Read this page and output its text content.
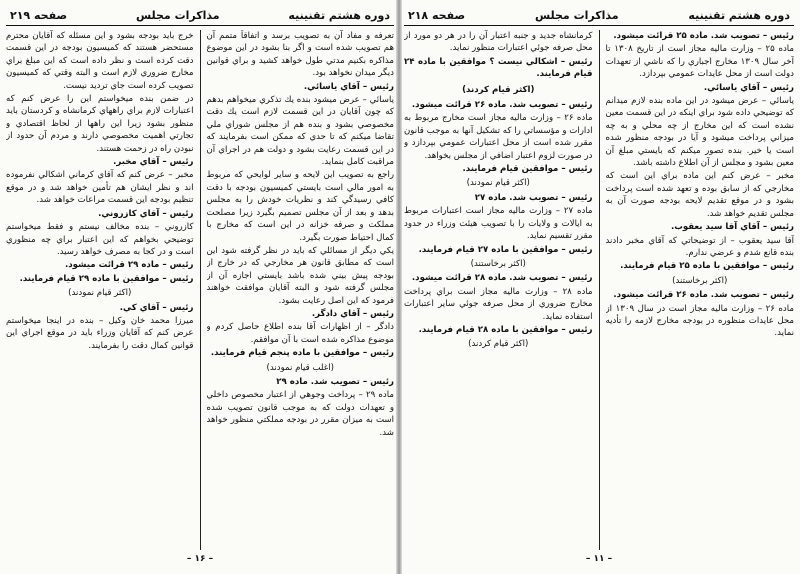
دوره هشتم تقنينيه
مذاكرات مجلس
صفحه ۲۱۹

تعرفه و مفاد آن به تصويب برسد و اتفاقاً متمم آن هم تصويب شده است و اگر بنا بشود در اين موضوع مذاكره بكنيم مدتي طول خواهد كشيد و براي قوانين ديگر ميدان نخواهد بود.

رئيس – آقاي ياسائي.

ياسائي – عرض ميشود بنده يك تذكري ميخواهم بدهم كه چون آقايان در اين قسمت لازم است يك دقت مخصوصي بشود و بنده هم از مجلس شوراي ملي تقاضا ميكنم كه تا حدي كه ممكن است بفرمايند كه در اين قسمت رعايت بشود و دولت هم در اجراي آن مراقبت كامل بنمايد.

راجع به تصويب اين لايحه و ساير لوايحي كه مربوط به امور مالي است بايستي كميسيون بودجه با دقت كافي رسيدگي كند و نظريات خودش را به مجلس بدهد و بعد از آن مجلس تصميم بگيرد زيرا مصلحت مملكت و صرفه خزانه در اين است كه مخارج با كمال احتياط صورت بگيرد.

يكي ديگر از مسائلي كه بايد در نظر گرفته شود اين است كه مطابق قانون هر مخارجي كه در خارج از بودجه پيش بيني شده باشد بايستي اجازه آن از مجلس گرفته شود و البته آقايان موافقت خواهند فرمود كه اين اصل رعايت بشود.

رئيس – آقاي دادگر.

دادگر – از اظهارات آقا بنده اطلاع حاصل كردم و موضوع مذاكره شده است با آن موافقم.

رئيس – موافقين با ماده پنجم قيام فرمايند.

(اغلب قيام نمودند)

رئيس – تصويب شد. ماده ۲۹

ماده ۲۹ – پرداخت وجوهي از اعتبار مخصوص داخلي و تعهدات دولت كه به موجب قانون تصويب شده است به ميزان مقرر در بودجه مملكتي منظور خواهد شد.

خرج بايد بودجه بشود و اين مسئله كه آقايان محترم مستحضر هستند كه كميسيون بودجه در اين قسمت دقت كرده است و نظر داده است كه اين مبلغ براي مخارج ضروري لازم است و البته وقتي كه كميسيون تصويب كرده است جاي ترديد نيست.

در ضمن بنده ميخواستم اين را عرض كنم كه اعتبارات لازم براي راههاي كرمانشاه و كردستان بايد منظور بشود زيرا اين راهها از لحاظ اقتصادي و تجارتي اهميت مخصوصي دارند و مردم آن حدود از نبودن راه در زحمت هستند.

رئيس – آقاي مخبر.

مخبر – عرض كنم كه آقاي كرماني اشكالي نفرموده اند و نظر ايشان هم تأمين خواهد شد و در موقع تنظيم بودجه اين قسمت مراعات خواهد شد.

رئيس – آقاي كازروني.

كازروني – بنده مخالف نيستم و فقط ميخواستم توضيحي بخواهم كه اين اعتبار براي چه منظوري است و در كجا به مصرف خواهد رسيد.

رئيس – ماده ۲۹ قرائت ميشود.

رئيس – موافقين با ماده ۲۹ قيام فرمايند.

(اكثر قيام نمودند)

رئيس – آقاي كي.

ميرزا محمد خان وكيل – بنده در اينجا ميخواستم عرض كنم كه آقايان وزراء بايد در موقع اجراي اين قوانين كمال دقت را بفرمايند.

– ۱۶ –
دوره هشتم تقنينيه
مذاكرات مجلس
صفحه ۲۱۸

رئيس – تصويب شد. ماده ۲۵ قرائت ميشود.

ماده ۲۵ – وزارت ماليه مجاز است از تاريخ ۱۳۰۸ تا آخر سال ۱۳۰۹ مخارج اجباري را كه ناشي از تعهدات دولت است از محل عايدات عمومي بپردازد.

رئيس – آقاي ياسائي.

ياسائي – عرض ميشود در اين ماده بنده لازم ميدانم كه توضيحي داده شود براي اينكه در اين قسمت معين نشده است كه اين مخارج از چه محلي و به چه ميزاني پرداخت ميشود و آيا در بودجه منظور شده است يا خير. بنده تصور ميكنم كه بايستي مبلغ آن معين بشود و مجلس از آن اطلاع داشته باشد.

مخبر – عرض كنم اين ماده براي اين است كه مخارجي كه از سابق بوده و تعهد شده است پرداخت بشود و در موقع تقديم لايحه بودجه صورت آن به مجلس تقديم خواهد شد.

رئيس – آقاي آقا سيد يعقوب.

آقا سيد يعقوب – از توضيحاتي كه آقاي مخبر دادند بنده قانع شدم و عرضي ندارم.

رئيس – موافقين با ماده ۲۵ قيام فرمايند.

(اكثر برخاستند)

رئيس – تصويب شد. ماده ۲۶ قرائت ميشود.

ماده ۲۶ – وزارت ماليه مجاز است در سال ۱۳۰۹ از محل عايدات منظوره در بودجه مخارج لازمه را تأديه نمايد.

كرمانشاه جديد و جنبه اعتبار آن را در هر دو مورد از محل صرفه جوئي اعتبارات منظور نمايد.

رئيس – اشكالي نيست ؟ موافقين با ماده ۲۴ قيام فرمايند.

(اكثر قيام كردند)

رئيس – تصويب شد. ماده ۲۶ قرائت ميشود.

ماده ۲۶ – وزارت ماليه مجاز است مخارج مربوط به ادارات و مؤسساتي را كه تشكيل آنها به موجب قانون مقرر شده است از محل اعتبارات عمومي بپردازد و در صورت لزوم اعتبار اضافي از مجلس بخواهد.

رئيس – موافقين قيام فرمايند.

(اكثر قيام نمودند)

رئيس – تصويب شد. ماده ۲۷

ماده ۲۷ – وزارت ماليه مجاز است اعتبارات مربوط به ايالات و ولايات را با تصويب هيئت وزراء در حدود مقرر تقسيم نمايد.

رئيس – موافقين با ماده ۲۷ قيام فرمايند.

(اكثر برخاستند)

رئيس – تصويب شد. ماده ۲۸ قرائت ميشود.

ماده ۲۸ – وزارت ماليه مجاز است براي پرداخت مخارج ضروري از محل صرفه جوئي ساير اعتبارات استفاده نمايد.

رئيس – موافقين با ماده ۲۸ قيام فرمايند.

(اكثر قيام كردند)

– ۱۱ –
